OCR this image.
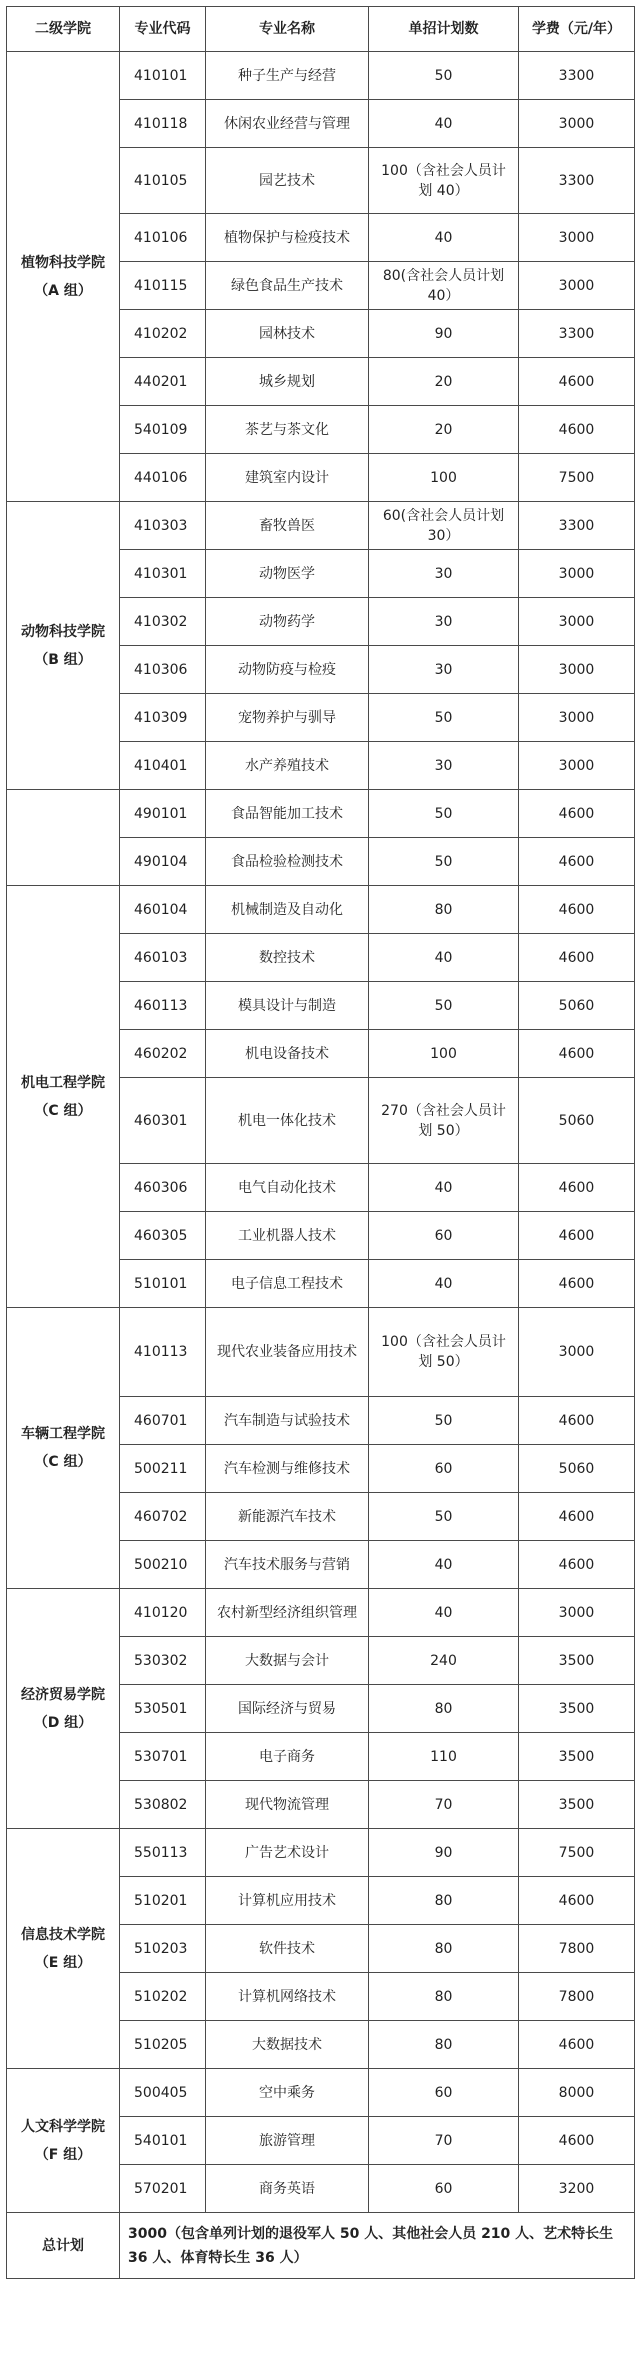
二级学院	专业代码	专业名称	单招计划数	学费（元/年）

植物科技学院
（A 组）	410101	种子生产与经营	50	3300
	410118	休闲农业经营与管理	40	3000
	410105	园艺技术	100（含社会人员计划 40）	3300
	410106	植物保护与检疫技术	40	3000
	410115	绿色食品生产技术	80(含社会人员计划 40）	3000
	410202	园林技术	90	3300
	440201	城乡规划	20	4600
	540109	茶艺与茶文化	20	4600
	440106	建筑室内设计	100	7500

动物科技学院
（B 组）	410303	畜牧兽医	60(含社会人员计划 30）	3300
	410301	动物医学	30	3000
	410302	动物药学	30	3000
	410306	动物防疫与检疫	30	3000
	410309	宠物养护与驯导	50	3000
	410401	水产养殖技术	30	3000

	490101	食品智能加工技术	50	4600
	490104	食品检验检测技术	50	4600

机电工程学院
（C 组）	460104	机械制造及自动化	80	4600
	460103	数控技术	40	4600
	460113	模具设计与制造	50	5060
	460202	机电设备技术	100	4600
	460301	机电一体化技术	270（含社会人员计划 50）	5060
	460306	电气自动化技术	40	4600
	460305	工业机器人技术	60	4600
	510101	电子信息工程技术	40	4600

车辆工程学院
（C 组）	410113	现代农业装备应用技术	100（含社会人员计划 50）	3000
	460701	汽车制造与试验技术	50	4600
	500211	汽车检测与维修技术	60	5060
	460702	新能源汽车技术	50	4600
	500210	汽车技术服务与营销	40	4600

经济贸易学院
（D 组）	410120	农村新型经济组织管理	40	3000
	530302	大数据与会计	240	3500
	530501	国际经济与贸易	80	3500
	530701	电子商务	110	3500
	530802	现代物流管理	70	3500

信息技术学院
（E 组）	550113	广告艺术设计	90	7500
	510201	计算机应用技术	80	4600
	510203	软件技术	80	7800
	510202	计算机网络技术	80	7800
	510205	大数据技术	80	4600

人文科学学院
（F 组）	500405	空中乘务	60	8000
	540101	旅游管理	70	4600
	570201	商务英语	60	3200
总计划	3000（包含单列计划的退役军人 50 人、其他社会人员 210 人、艺术特长生 36 人、体育特长生 36 人）			
